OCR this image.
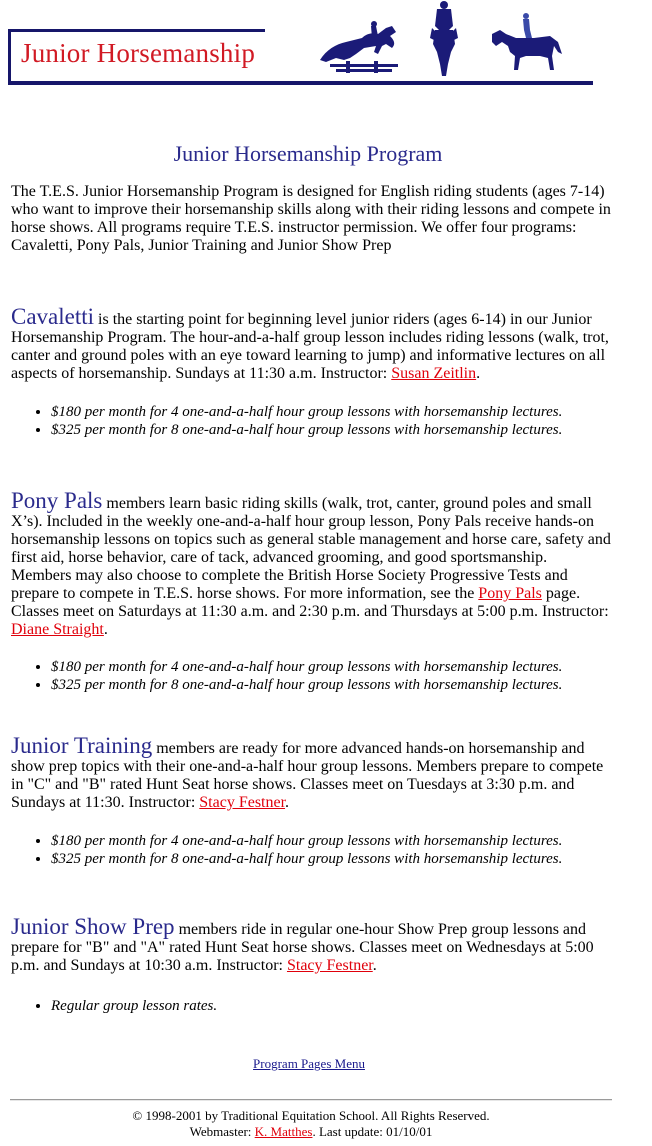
Junior Horsemanship
Junior Horsemanship Program
The T.E.S. Junior Horsemanship Program is designed for English riding students (ages 7-14) who want to improve their horsemanship skills along with their riding lessons and compete in horse shows. All programs require T.E.S. instructor permission. We offer four programs: Cavaletti, Pony Pals, Junior Training and Junior Show Prep
Cavaletti is the starting point for beginning level junior riders (ages 6-14) in our Junior Horsemanship Program. The hour-and-a-half group lesson includes riding lessons (walk, trot, canter and ground poles with an eye toward learning to jump) and informative lectures on all aspects of horsemanship. Sundays at 11:30 a.m. Instructor: Susan Zeitlin.
• $180 per month for 4 one-and-a-half hour group lessons with horsemanship lectures.
• $325 per month for 8 one-and-a-half hour group lessons with horsemanship lectures.
Pony Pals members learn basic riding skills (walk, trot, canter, ground poles and small X’s). Included in the weekly one-and-a-half hour group lesson, Pony Pals receive hands-on horsemanship lessons on topics such as general stable management and horse care, safety and first aid, horse behavior, care of tack, advanced grooming, and good sportsmanship. Members may also choose to complete the British Horse Society Progressive Tests and prepare to compete in T.E.S. horse shows. For more information, see the Pony Pals page. Classes meet on Saturdays at 11:30 a.m. and 2:30 p.m. and Thursdays at 5:00 p.m. Instructor: Diane Straight.
• $180 per month for 4 one-and-a-half hour group lessons with horsemanship lectures.
• $325 per month for 8 one-and-a-half hour group lessons with horsemanship lectures.
Junior Training members are ready for more advanced hands-on horsemanship and show prep topics with their one-and-a-half hour group lessons. Members prepare to compete in "C" and "B" rated Hunt Seat horse shows. Classes meet on Tuesdays at 3:30 p.m. and Sundays at 11:30. Instructor: Stacy Festner.
• $180 per month for 4 one-and-a-half hour group lessons with horsemanship lectures.
• $325 per month for 8 one-and-a-half hour group lessons with horsemanship lectures.
Junior Show Prep members ride in regular one-hour Show Prep group lessons and prepare for "B" and "A" rated Hunt Seat horse shows. Classes meet on Wednesdays at 5:00 p.m. and Sundays at 10:30 a.m. Instructor: Stacy Festner.
• Regular group lesson rates.
Program Pages Menu
© 1998-2001 by Traditional Equitation School. All Rights Reserved.
Webmaster: K. Matthes. Last update: 01/10/01
